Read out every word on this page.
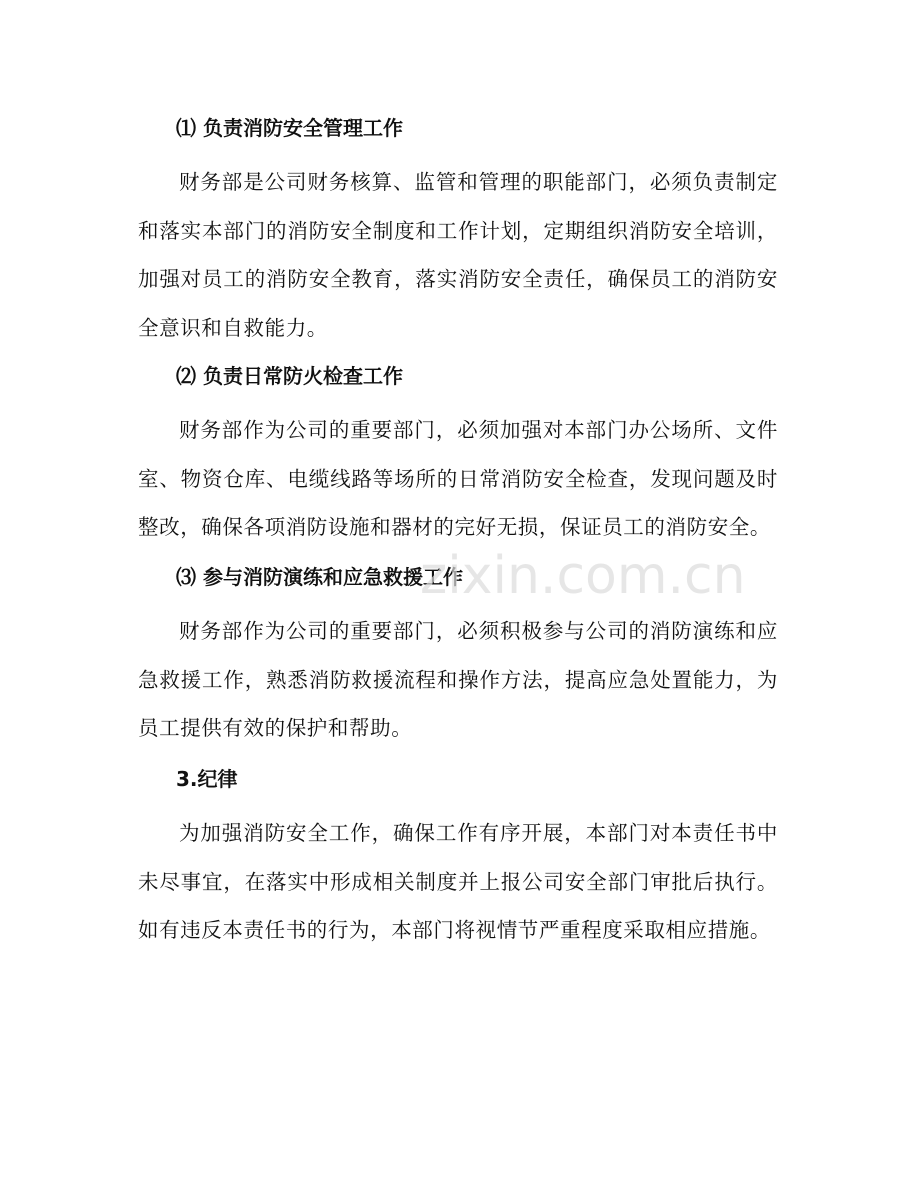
⑴ 负责消防安全管理工作

财务部是公司财务核算、监管和管理的职能部门，必须负责制定和落实本部门的消防安全制度和工作计划，定期组织消防安全培训，加强对员工的消防安全教育，落实消防安全责任，确保员工的消防安全意识和自救能力。

⑵ 负责日常防火检查工作

财务部作为公司的重要部门，必须加强对本部门办公场所、文件室、物资仓库、电缆线路等场所的日常消防安全检查，发现问题及时整改，确保各项消防设施和器材的完好无损，保证员工的消防安全。

⑶ 参与消防演练和应急救援工作

财务部作为公司的重要部门，必须积极参与公司的消防演练和应急救援工作，熟悉消防救援流程和操作方法，提高应急处置能力，为员工提供有效的保护和帮助。

3.纪律

为加强消防安全工作，确保工作有序开展，本部门对本责任书中未尽事宜，在落实中形成相关制度并上报公司安全部门审批后执行。如有违反本责任书的行为，本部门将视情节严重程度采取相应措施。

zixin.com.cn
